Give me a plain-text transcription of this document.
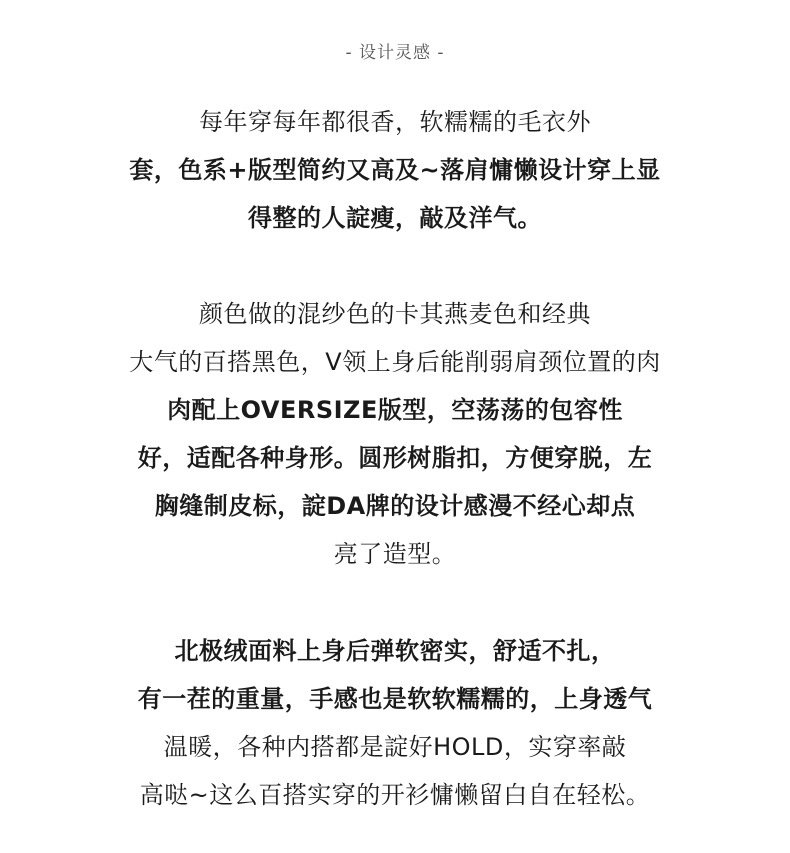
- 设计灵感 -
每年穿每年都很香，软糯糯的毛衣外
套，色系+版型简约又高及~落肩慵懒设计穿上显
得整的人諚瘦，敲及洋气。
颜色做的混纱色的卡其燕麦色和经典
大气的百搭黑色，V领上身后能削弱肩颈位置的肉
肉配上OVERSIZE版型，空荡荡的包容性
好，适配各种身形。圆形树脂扣，方便穿脱，左
胸缝制皮标，諚DA牌的设计感漫不经心却点
亮了造型。
北极绒面料上身后弹软密实，舒适不扎，
有一茬的重量，手感也是软软糯糯的，上身透气
温暖，各种内搭都是諚好HOLD，实穿率敲
高哒~这么百搭实穿的开衫慵懒留白自在轻松。
